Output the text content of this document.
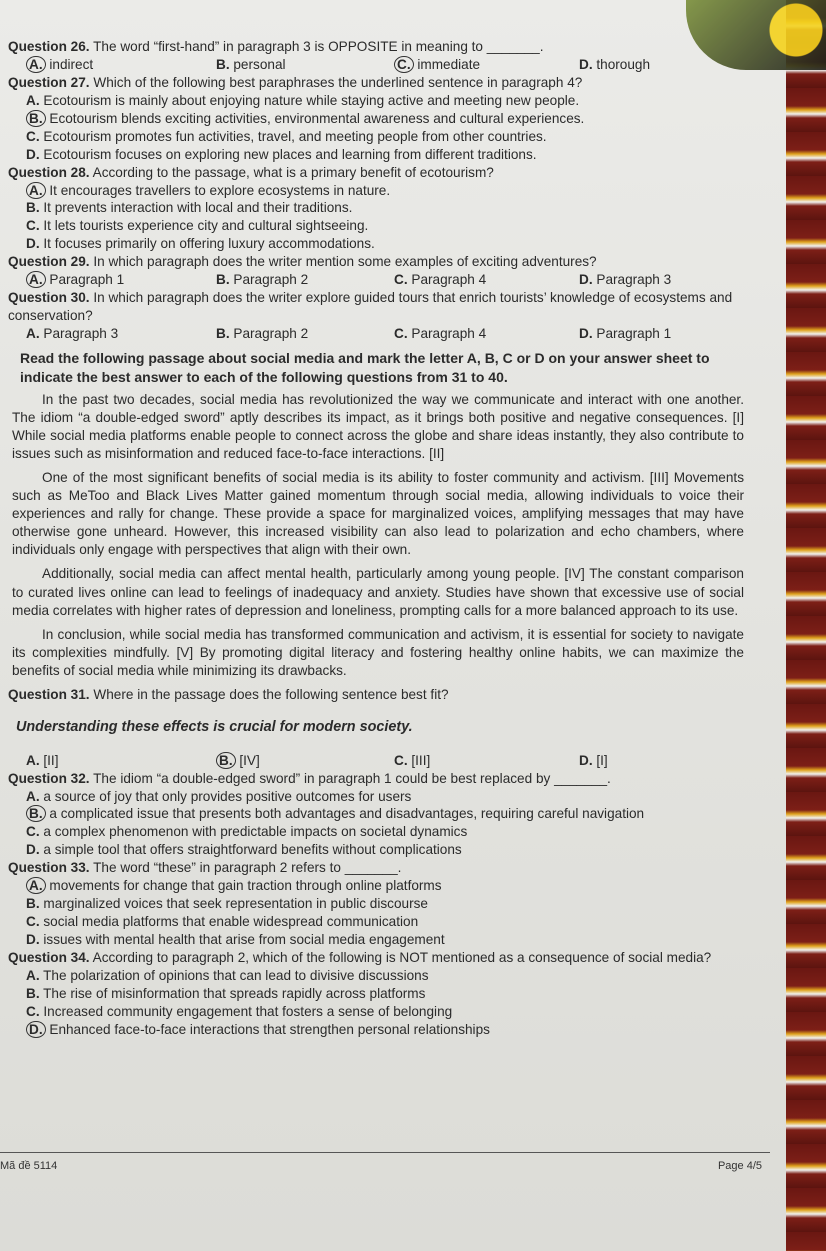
Question 26. The word “first-hand” in paragraph 3 is OPPOSITE in meaning to _______.

A. indirect	B. personal	C. immediate	D. thorough

Question 27. Which of the following best paraphrases the underlined sentence in paragraph 4?

A. Ecotourism is mainly about enjoying nature while staying active and meeting new people.

B. Ecotourism blends exciting activities, environmental awareness and cultural experiences.

C. Ecotourism promotes fun activities, travel, and meeting people from other countries.

D. Ecotourism focuses on exploring new places and learning from different traditions.

Question 28. According to the passage, what is a primary benefit of ecotourism?

A. It encourages travellers to explore ecosystems in nature.

B. It prevents interaction with local and their traditions.

C. It lets tourists experience city and cultural sightseeing.

D. It focuses primarily on offering luxury accommodations.

Question 29. In which paragraph does the writer mention some examples of exciting adventures?

A. Paragraph 1	B. Paragraph 2	C. Paragraph 4	D. Paragraph 3

Question 30. In which paragraph does the writer explore guided tours that enrich tourists’ knowledge of ecosystems and conservation?

A. Paragraph 3	B. Paragraph 2	C. Paragraph 4	D. Paragraph 1

Read the following passage about social media and mark the letter A, B, C or D on your answer sheet to indicate the best answer to each of the following questions from 31 to 40.

In the past two decades, social media has revolutionized the way we communicate and interact with one another. The idiom “a double-edged sword” aptly describes its impact, as it brings both positive and negative consequences. [I] While social media platforms enable people to connect across the globe and share ideas instantly, they also contribute to issues such as misinformation and reduced face-to-face interactions. [II]

One of the most significant benefits of social media is its ability to foster community and activism. [III] Movements such as MeToo and Black Lives Matter gained momentum through social media, allowing individuals to voice their experiences and rally for change. These provide a space for marginalized voices, amplifying messages that may have otherwise gone unheard. However, this increased visibility can also lead to polarization and echo chambers, where individuals only engage with perspectives that align with their own.

Additionally, social media can affect mental health, particularly among young people. [IV] The constant comparison to curated lives online can lead to feelings of inadequacy and anxiety. Studies have shown that excessive use of social media correlates with higher rates of depression and loneliness, prompting calls for a more balanced approach to its use.

In conclusion, while social media has transformed communication and activism, it is essential for society to navigate its complexities mindfully. [V] By promoting digital literacy and fostering healthy online habits, we can maximize the benefits of social media while minimizing its drawbacks.

Question 31. Where in the passage does the following sentence best fit?

Understanding these effects is crucial for modern society.

A. [II]	B. [IV]	C. [III]	D. [I]

Question 32. The idiom “a double-edged sword” in paragraph 1 could be best replaced by _______.

A. a source of joy that only provides positive outcomes for users

B. a complicated issue that presents both advantages and disadvantages, requiring careful navigation

C. a complex phenomenon with predictable impacts on societal dynamics

D. a simple tool that offers straightforward benefits without complications

Question 33. The word “these” in paragraph 2 refers to _______.

A. movements for change that gain traction through online platforms

B. marginalized voices that seek representation in public discourse

C. social media platforms that enable widespread communication

D. issues with mental health that arise from social media engagement

Question 34. According to paragraph 2, which of the following is NOT mentioned as a consequence of social media?

A. The polarization of opinions that can lead to divisive discussions

B. The rise of misinformation that spreads rapidly across platforms

C. Increased community engagement that fosters a sense of belonging

D. Enhanced face-to-face interactions that strengthen personal relationships

Mã đề 5114	Page 4/5
